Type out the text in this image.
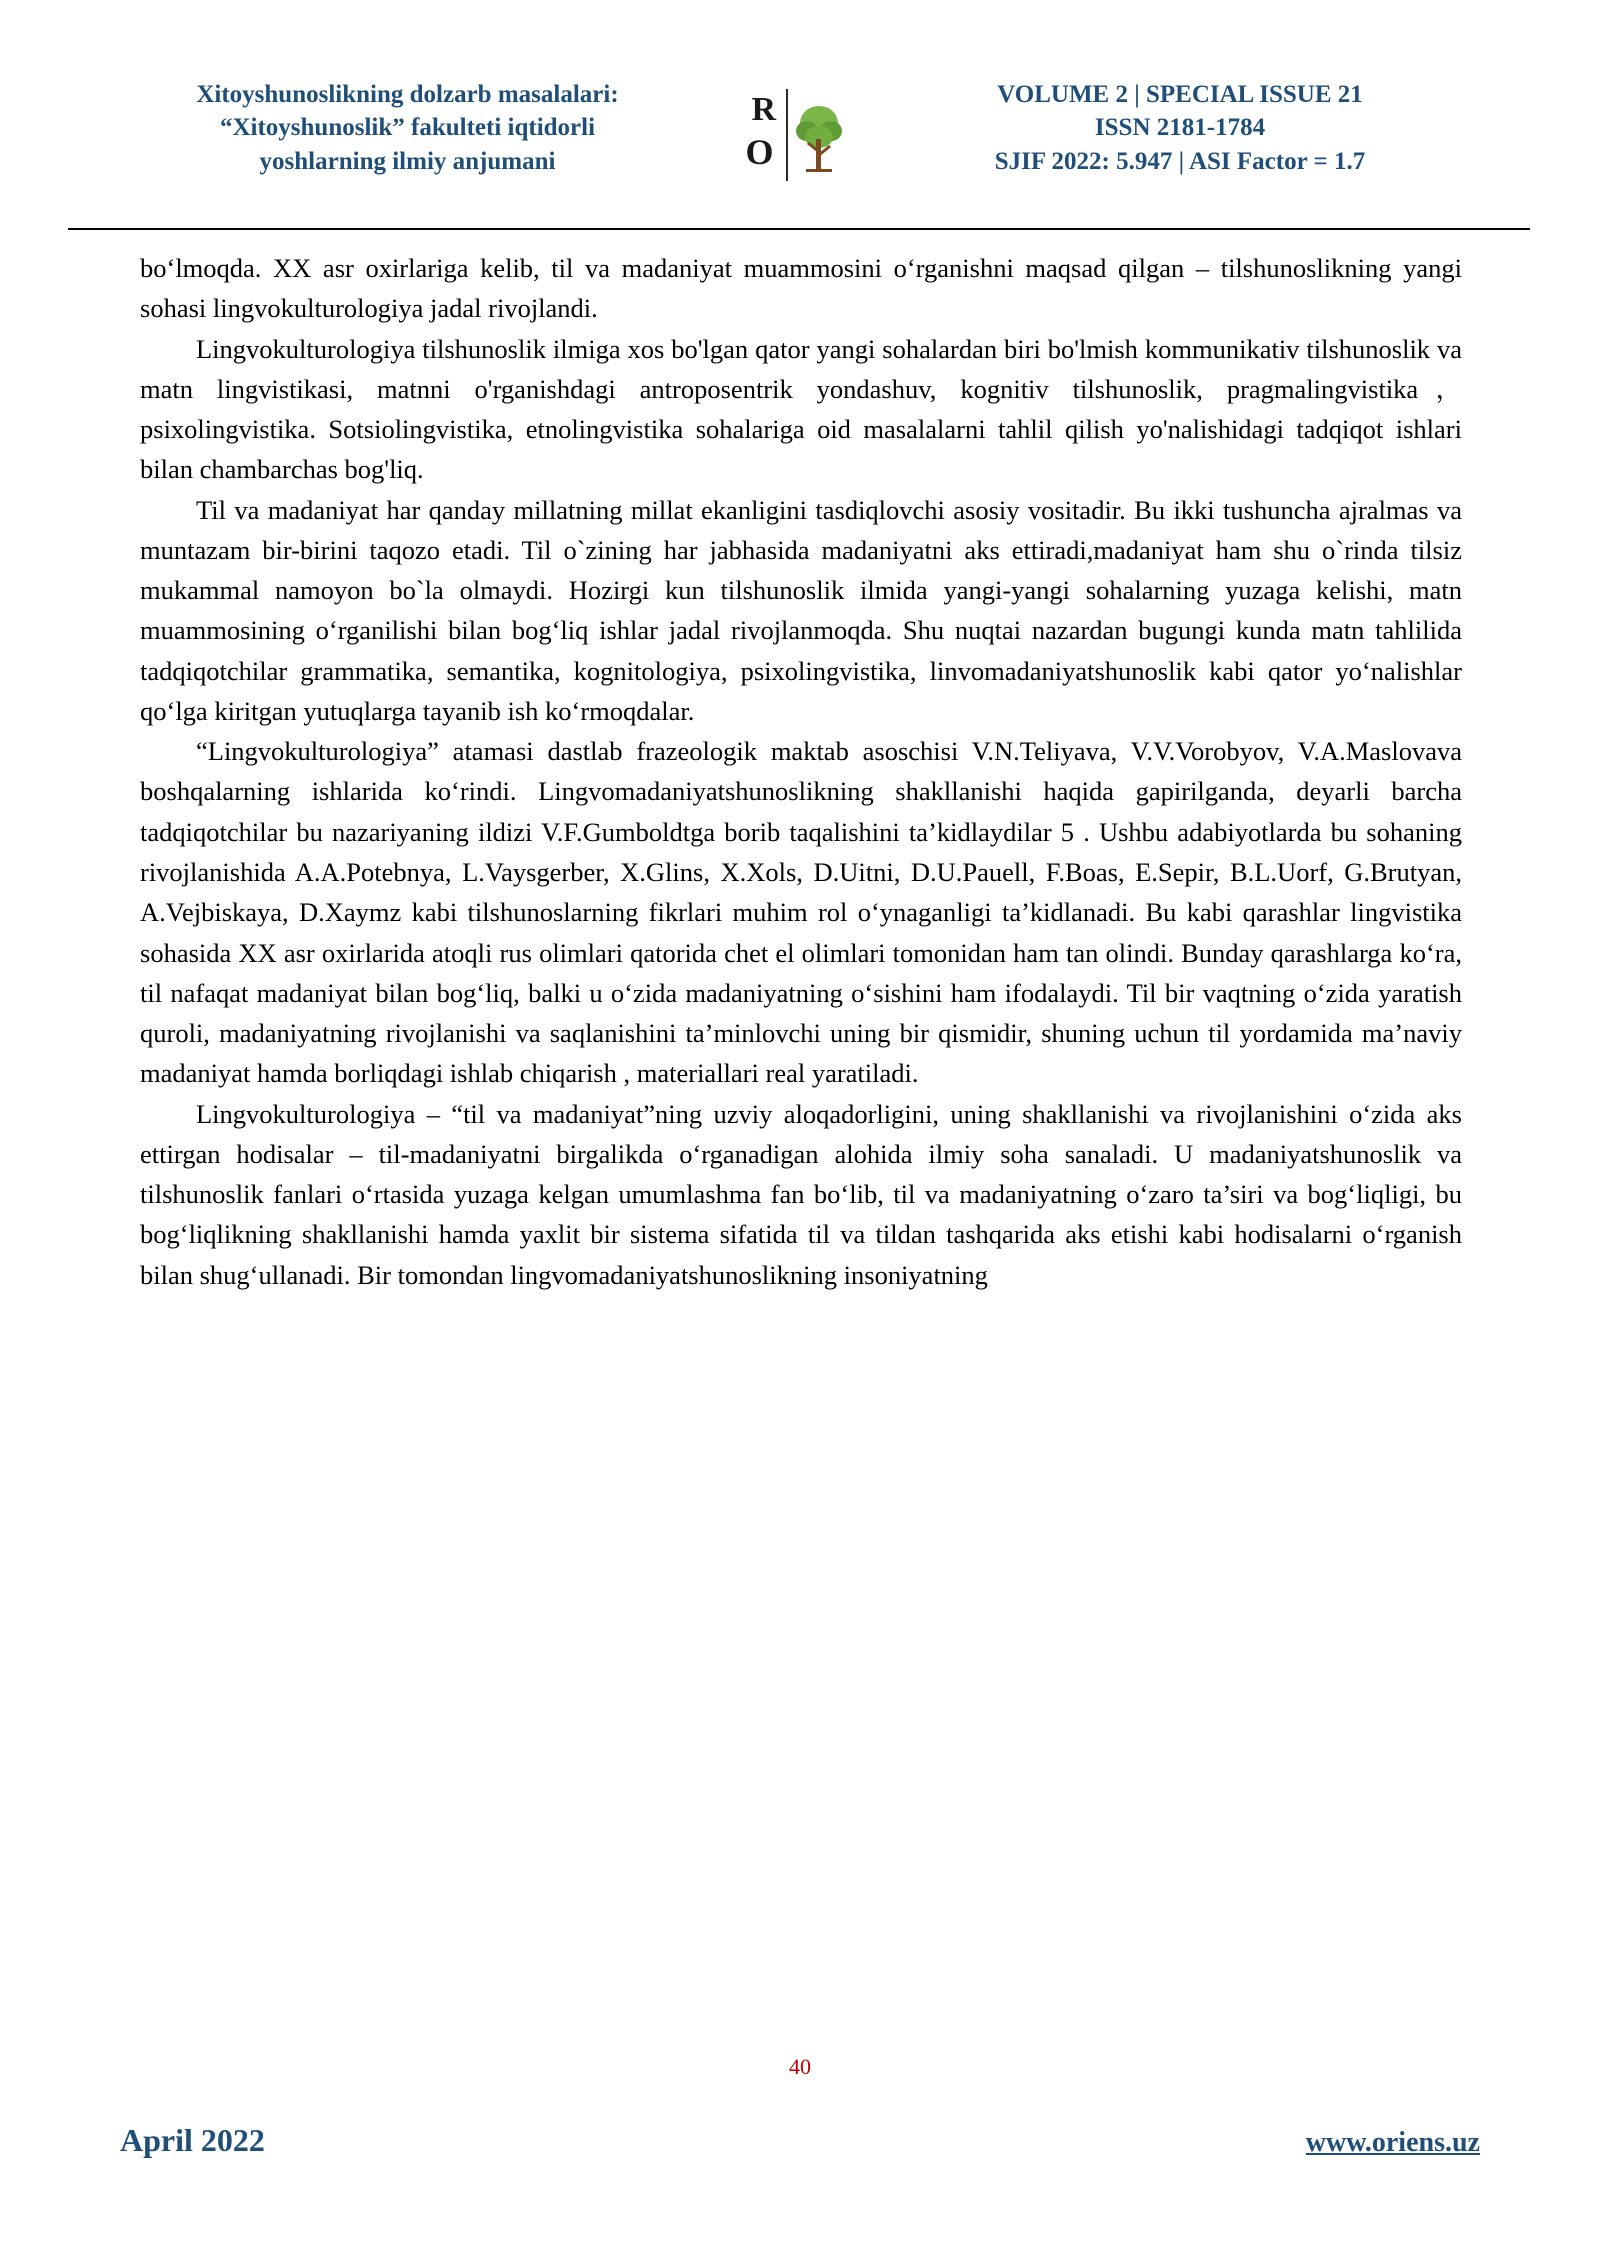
Xitoyshunoslikning dolzarb masalalari:
“Xitoyshunoslik” fakulteti iqtidorli
yoshlarning ilmiy anjumani
R
O
VOLUME 2 | SPECIAL ISSUE 21
ISSN 2181-1784
SJIF 2022: 5.947 | ASI Factor = 1.7

bo‘lmoqda. XX asr oxirlariga kelib, til va madaniyat muammosini o‘rganishni maqsad qilgan – tilshunoslikning yangi sohasi lingvokulturologiya jadal rivojlandi.

Lingvokulturologiya tilshunoslik ilmiga xos bo'lgan qator yangi sohalardan biri bo'lmish kommunikativ tilshunoslik va matn lingvistikasi, matnni o'rganishdagi antroposentrik yondashuv, kognitiv tilshunoslik, pragmalingvistika，psixolingvistika. Sotsiolingvistika, etnolingvistika sohalariga oid masalalarni tahlil qilish yo'nalishidagi tadqiqot ishlari bilan chambarchas bog'liq.

Til va madaniyat har qanday millatning millat ekanligini tasdiqlovchi asosiy vositadir. Bu ikki tushuncha ajralmas va muntazam bir-birini taqozo etadi. Til o`zining har jabhasida madaniyatni aks ettiradi,madaniyat ham shu o`rinda tilsiz mukammal namoyon bo`la olmaydi. Hozirgi kun tilshunoslik ilmida yangi-yangi sohalarning yuzaga kelishi, matn muammosining o‘rganilishi bilan bog‘liq ishlar jadal rivojlanmoqda. Shu nuqtai nazardan bugungi kunda matn tahlilida tadqiqotchilar grammatika, semantika, kognitologiya, psixolingvistika, linvomadaniyatshunoslik kabi qator yo‘nalishlar qo‘lga kiritgan yutuqlarga tayanib ish ko‘rmoqdalar.

“Lingvokulturologiya” atamasi dastlab frazeologik maktab asoschisi V.N.Teliyava, V.V.Vorobyov, V.A.Maslovava boshqalarning ishlarida ko‘rindi. Lingvomadaniyatshunoslikning shakllanishi haqida gapirilganda, deyarli barcha tadqiqotchilar bu nazariyaning ildizi V.F.Gumboldtga borib taqalishini ta’kidlaydilar 5 . Ushbu adabiyotlarda bu sohaning rivojlanishida A.A.Potebnya, L.Vaysgerber, X.Glins, X.Xols, D.Uitni, D.U.Pauell, F.Boas, E.Sepir, B.L.Uorf, G.Brutyan, A.Vejbiskaya, D.Xaymz kabi tilshunoslarning fikrlari muhim rol o‘ynaganligi ta’kidlanadi. Bu kabi qarashlar lingvistika sohasida XX asr oxirlarida atoqli rus olimlari qatorida chet el olimlari tomonidan ham tan olindi. Bunday qarashlarga ko‘ra, til nafaqat madaniyat bilan bog‘liq, balki u o‘zida madaniyatning o‘sishini ham ifodalaydi. Til bir vaqtning o‘zida yaratish quroli, madaniyatning rivojlanishi va saqlanishini ta’minlovchi uning bir qismidir, shuning uchun til yordamida ma’naviy madaniyat hamda borliqdagi ishlab chiqarish , materiallari real yaratiladi.

Lingvokulturologiya – “til va madaniyat”ning uzviy aloqadorligini, uning shakllanishi va rivojlanishini o‘zida aks ettirgan hodisalar – til-madaniyatni birgalikda o‘rganadigan alohida ilmiy soha sanaladi. U madaniyatshunoslik va tilshunoslik fanlari o‘rtasida yuzaga kelgan umumlashma fan bo‘lib, til va madaniyatning o‘zaro ta’siri va bog‘liqligi, bu bog‘liqlikning shakllanishi hamda yaxlit bir sistema sifatida til va tildan tashqarida aks etishi kabi hodisalarni o‘rganish bilan shug‘ullanadi. Bir tomondan lingvomadaniyatshunoslikning insoniyatning

40
April 2022	www.oriens.uz
